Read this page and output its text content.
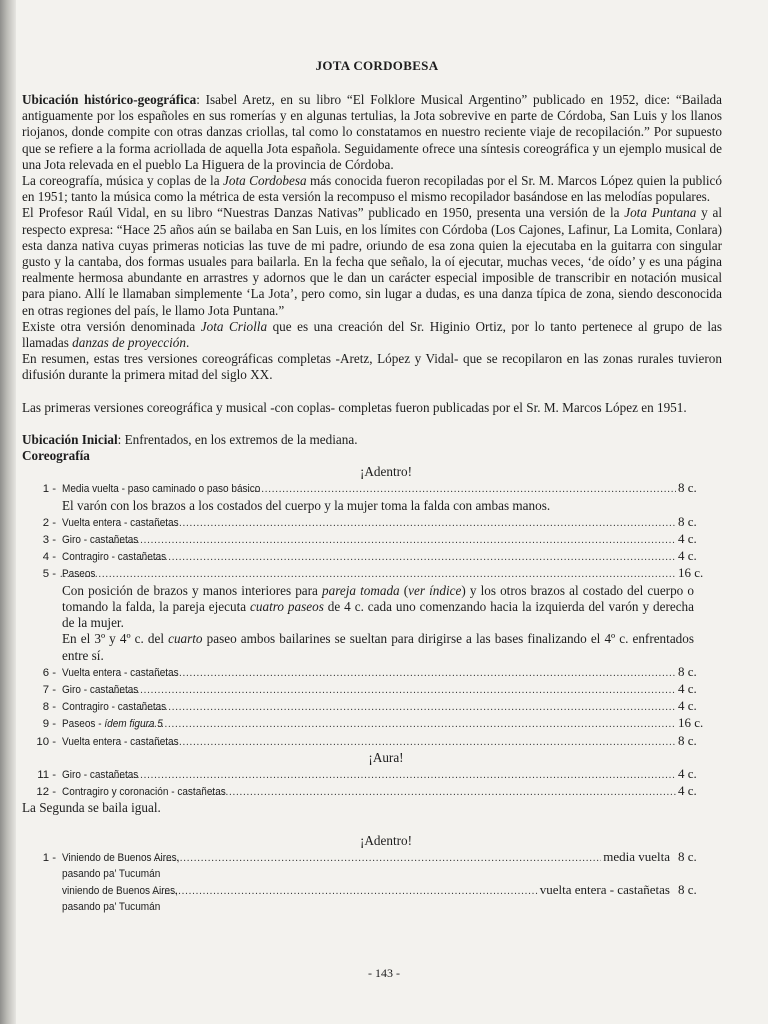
JOTA CORDOBESA

Ubicación histórico-geográfica: Isabel Aretz, en su libro “El Folklore Musical Argentino” publicado en 1952, dice: “Bailada antiguamente por los españoles en sus romerías y en algunas tertulias, la Jota sobrevive en parte de Córdoba, San Luis y los llanos riojanos, donde compite con otras danzas criollas, tal como lo constatamos en nuestro reciente viaje de recopilación.” Por supuesto que se refiere a la forma acriollada de aquella Jota española. Seguidamente ofrece una síntesis coreográfica y un ejemplo musical de una Jota relevada en el pueblo La Higuera de la provincia de Córdoba.

La coreografía, música y coplas de la Jota Cordobesa más conocida fueron recopiladas por el Sr. M. Marcos López quien la publicó en 1951; tanto la música como la métrica de esta versión la recompuso el mismo recopilador basándose en las melodías populares.

El Profesor Raúl Vidal, en su libro “Nuestras Danzas Nativas” publicado en 1950, presenta una versión de la Jota Puntana y al respecto expresa: “Hace 25 años aún se bailaba en San Luis, en los límites con Córdoba (Los Cajones, Lafinur, La Lomita, Conlara) esta danza nativa cuyas primeras noticias las tuve de mi padre, oriundo de esa zona quien la ejecutaba en la guitarra con singular gusto y la cantaba, dos formas usuales para bailarla. En la fecha que señalo, la oí ejecutar, muchas veces, ‘de oído’ y es una página realmente hermosa abundante en arrastres y adornos que le dan un carácter especial imposible de transcribir en notación musical para piano. Allí le llamaban simplemente ‘La Jota’, pero como, sin lugar a dudas, es una danza típica de zona, siendo desconocida en otras regiones del país, le llamo Jota Puntana.”

Existe otra versión denominada Jota Criolla que es una creación del Sr. Higinio Ortiz, por lo tanto pertenece al grupo de las llamadas danzas de proyección.

En resumen, estas tres versiones coreográficas completas -Aretz, López y Vidal- que se recopilaron en las zonas rurales tuvieron difusión durante la primera mitad del siglo XX.

Las primeras versiones coreográfica y musical -con coplas- completas fueron publicadas por el Sr. M. Marcos López en 1951.

Ubicación Inicial: Enfrentados, en los extremos de la mediana.

Coreografía

¡Adentro!
1 - Media vuelta - paso caminado o paso básico .....	8 c.
El varón con los brazos a los costados del cuerpo y la mujer toma la falda con ambas manos.
2 - Vuelta entera - castañetas .....	8 c.
3 - Giro - castañetas .....	4 c.
4 - Contragiro - castañetas .....	4 c.
5 - Paseos .....	16 c.
Con posición de brazos y manos interiores para pareja tomada (ver índice) y los otros brazos al costado del cuerpo o tomando la falda, la pareja ejecuta cuatro paseos de 4 c. cada uno comenzando hacia la izquierda del varón y derecha de la mujer.
En el 3º y 4º c. del cuarto paseo ambos bailarines se sueltan para dirigirse a las bases finalizando el 4º c. enfrentados entre sí.
6 - Vuelta entera - castañetas .....	8 c.
7 - Giro - castañetas .....	4 c.
8 - Contragiro - castañetas .....	4 c.
9 - Paseos - ídem figura 5 .....	16 c.
10 - Vuelta entera - castañetas .....	8 c.
¡Aura!
11 - Giro - castañetas .....	4 c.
12 - Contragiro y coronación - castañetas .....	4 c.
La Segunda se baila igual.
¡Adentro!
1 - Viniendo de Buenos Aires, .....	media vuelta 8 c.
pasando pa’ Tucumán
viniendo de Buenos Aires, .....	vuelta entera - castañetas 8 c.
pasando pa’ Tucumán
- 143 -
